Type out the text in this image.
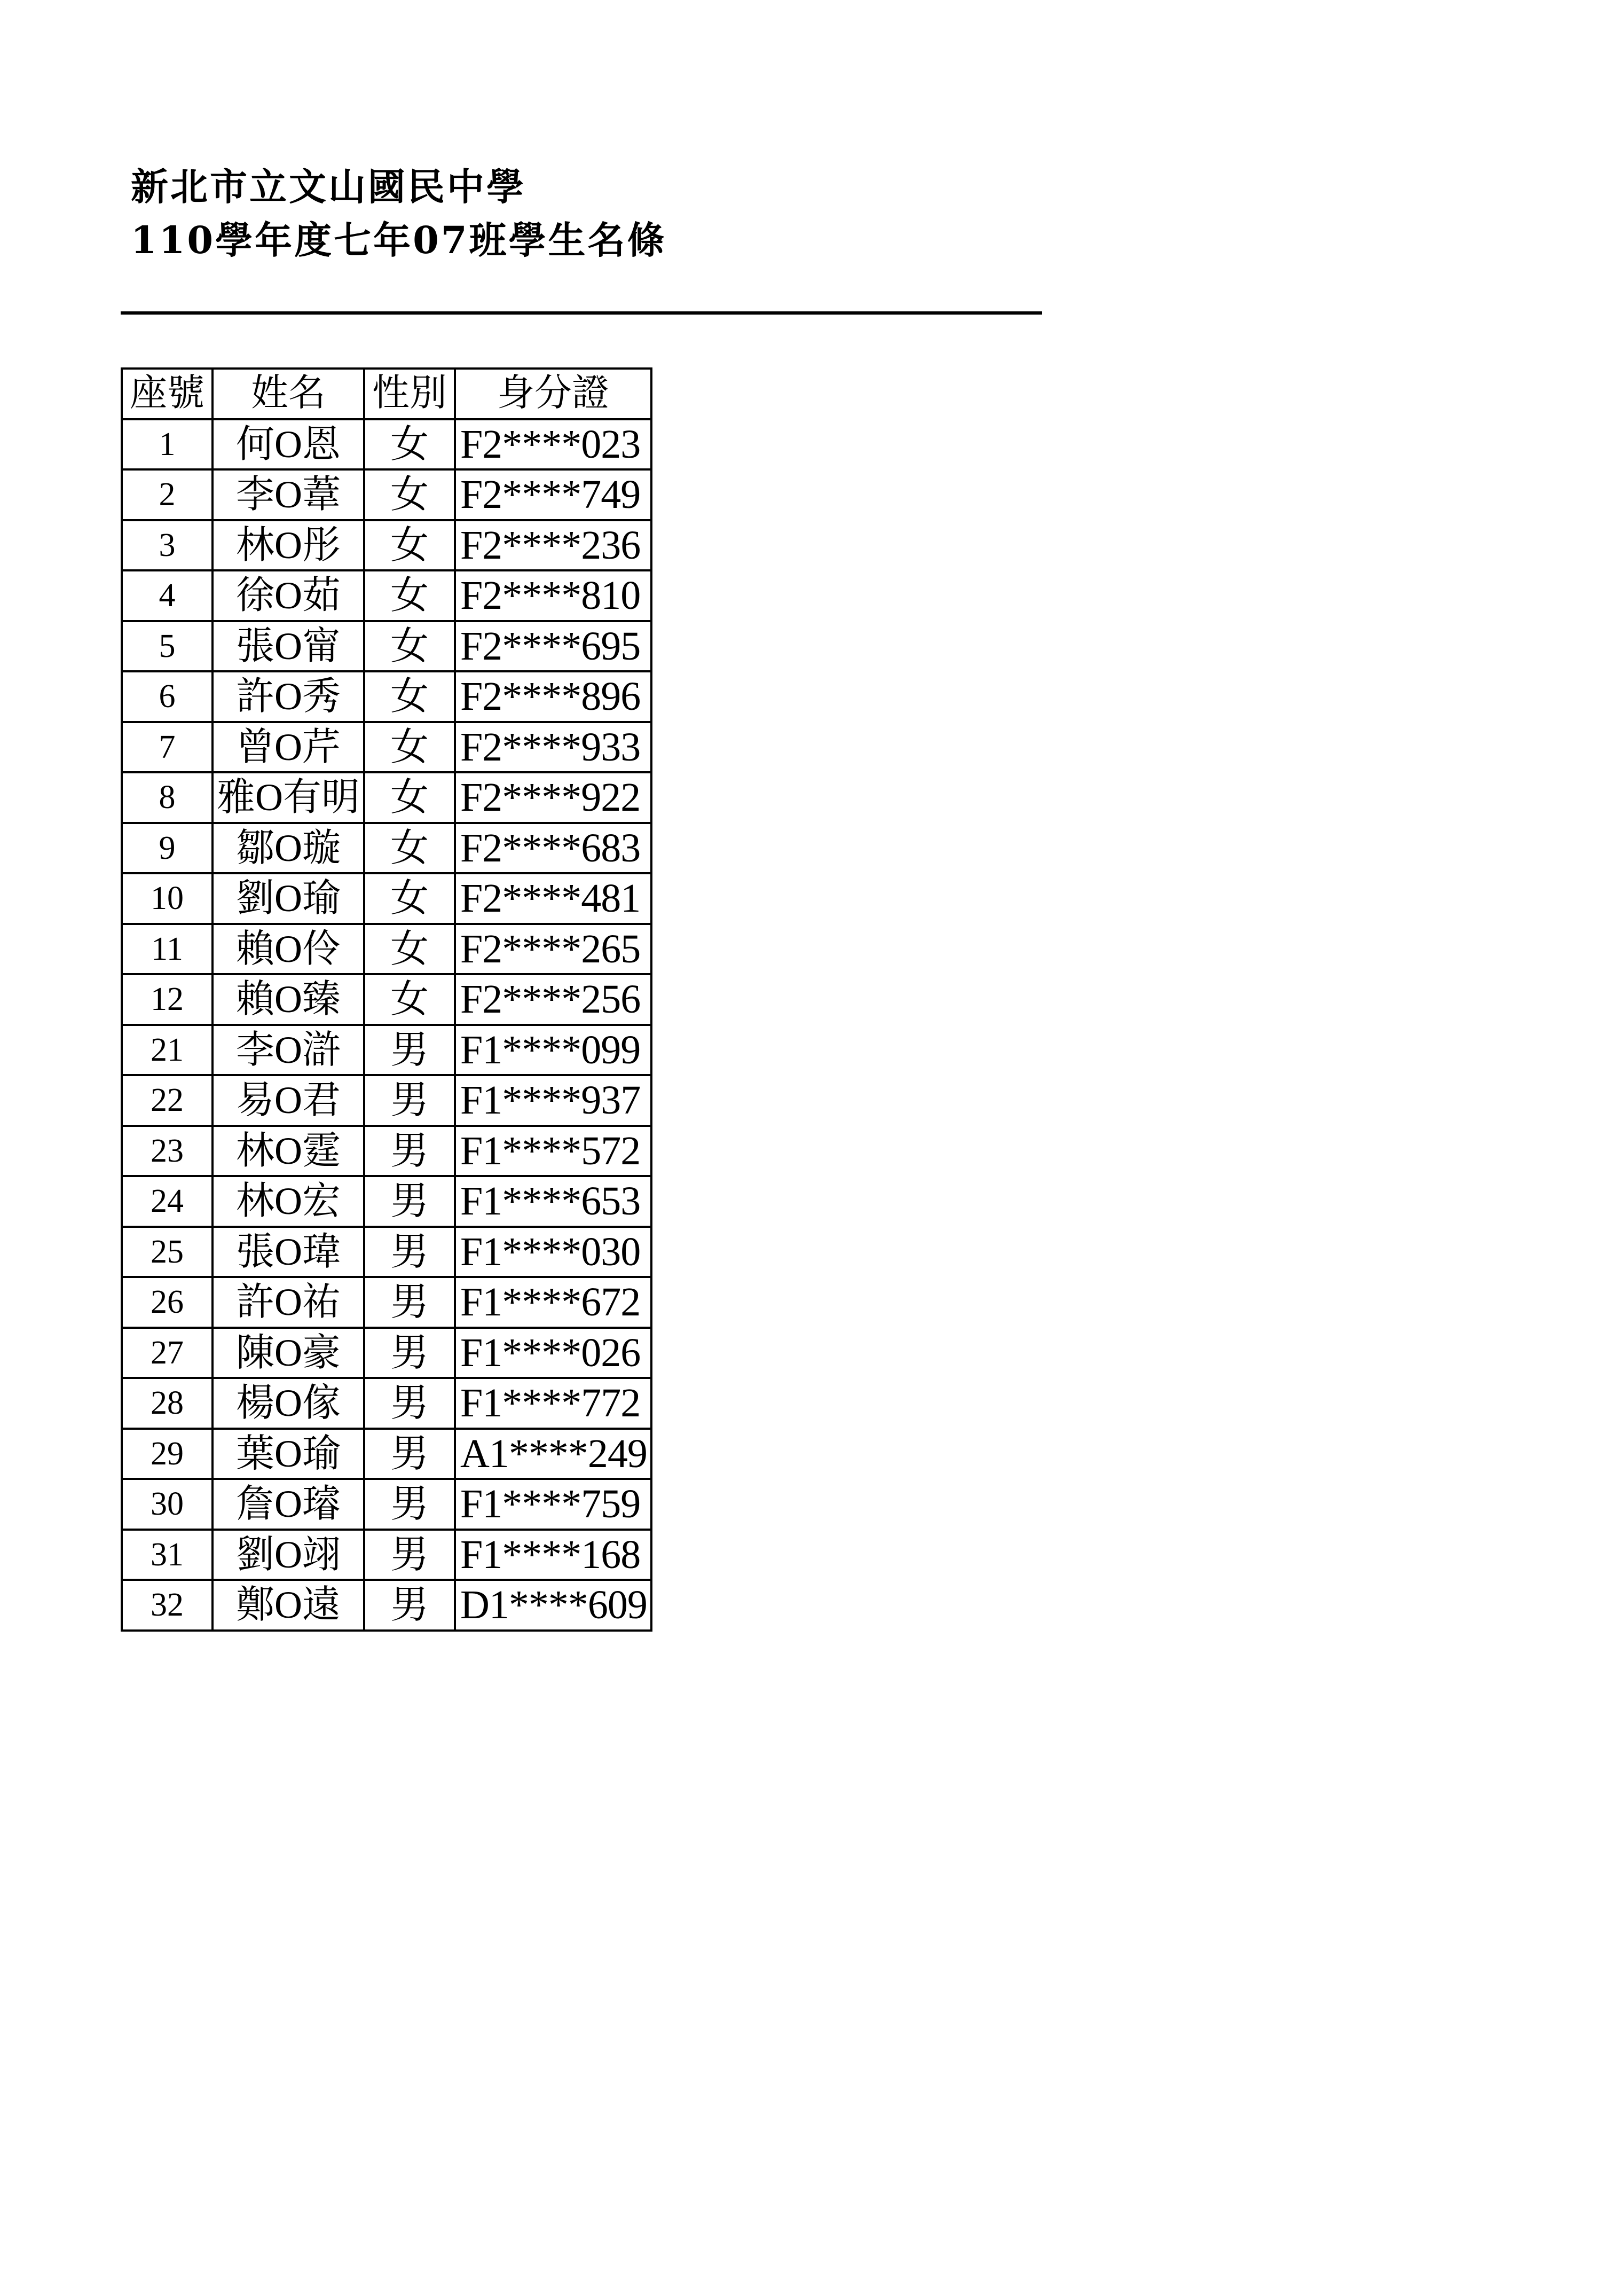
新北市立文山國民中學
110學年度七年07班學生名條
座號	姓名	性別	身分證
1	何O恩	女	F2****023
2	李O葦	女	F2****749
3	林O彤	女	F2****236
4	徐O茹	女	F2****810
5	張O甯	女	F2****695
6	許O秀	女	F2****896
7	曾O芹	女	F2****933
8	雅O有明	女	F2****922
9	鄒O璇	女	F2****683
10	劉O瑜	女	F2****481
11	賴O伶	女	F2****265
12	賴O臻	女	F2****256
21	李O滸	男	F1****099
22	易O君	男	F1****937
23	林O霆	男	F1****572
24	林O宏	男	F1****653
25	張O瑋	男	F1****030
26	許O祐	男	F1****672
27	陳O豪	男	F1****026
28	楊O傢	男	F1****772
29	葉O瑜	男	A1****249
30	詹O璿	男	F1****759
31	劉O翊	男	F1****168
32	鄭O遠	男	D1****609
